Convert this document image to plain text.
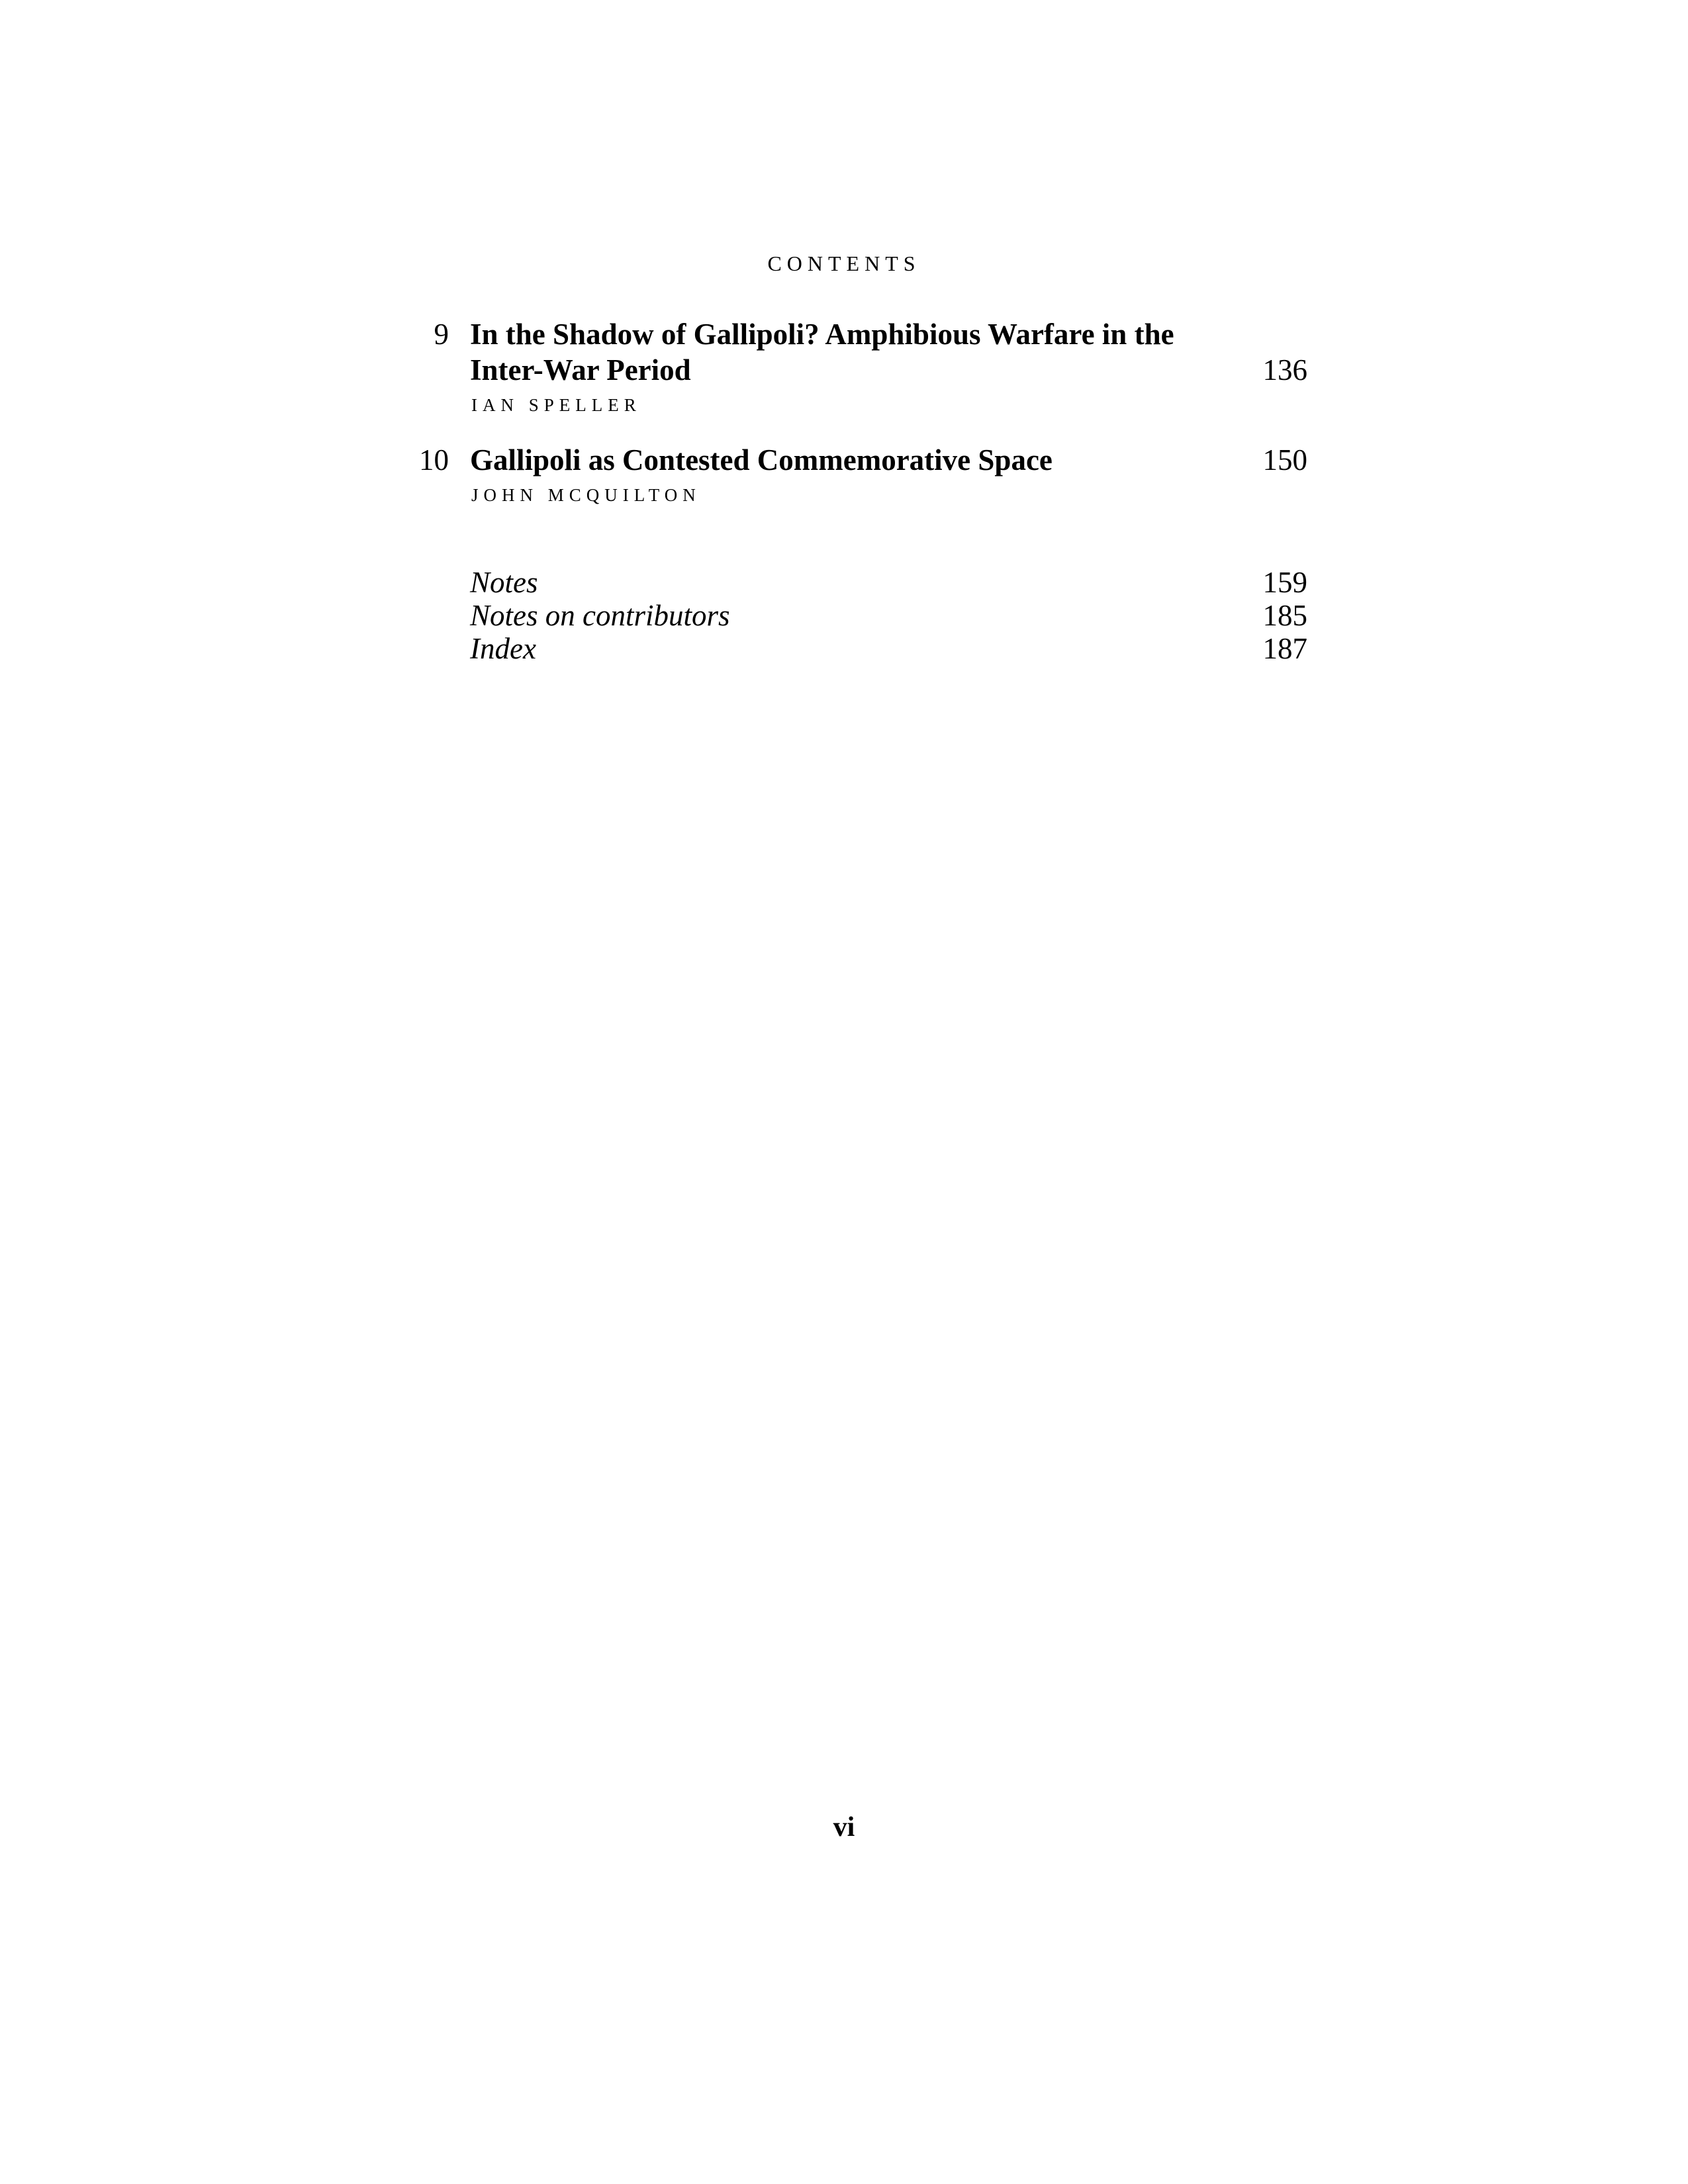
CONTENTS
9 In the Shadow of Gallipoli? Amphibious Warfare in the
Inter-War Period	136
IAN SPELLER
10 Gallipoli as Contested Commemorative Space	150
JOHN MCQUILTON
Notes	159
Notes on contributors	185
Index	187
vi
